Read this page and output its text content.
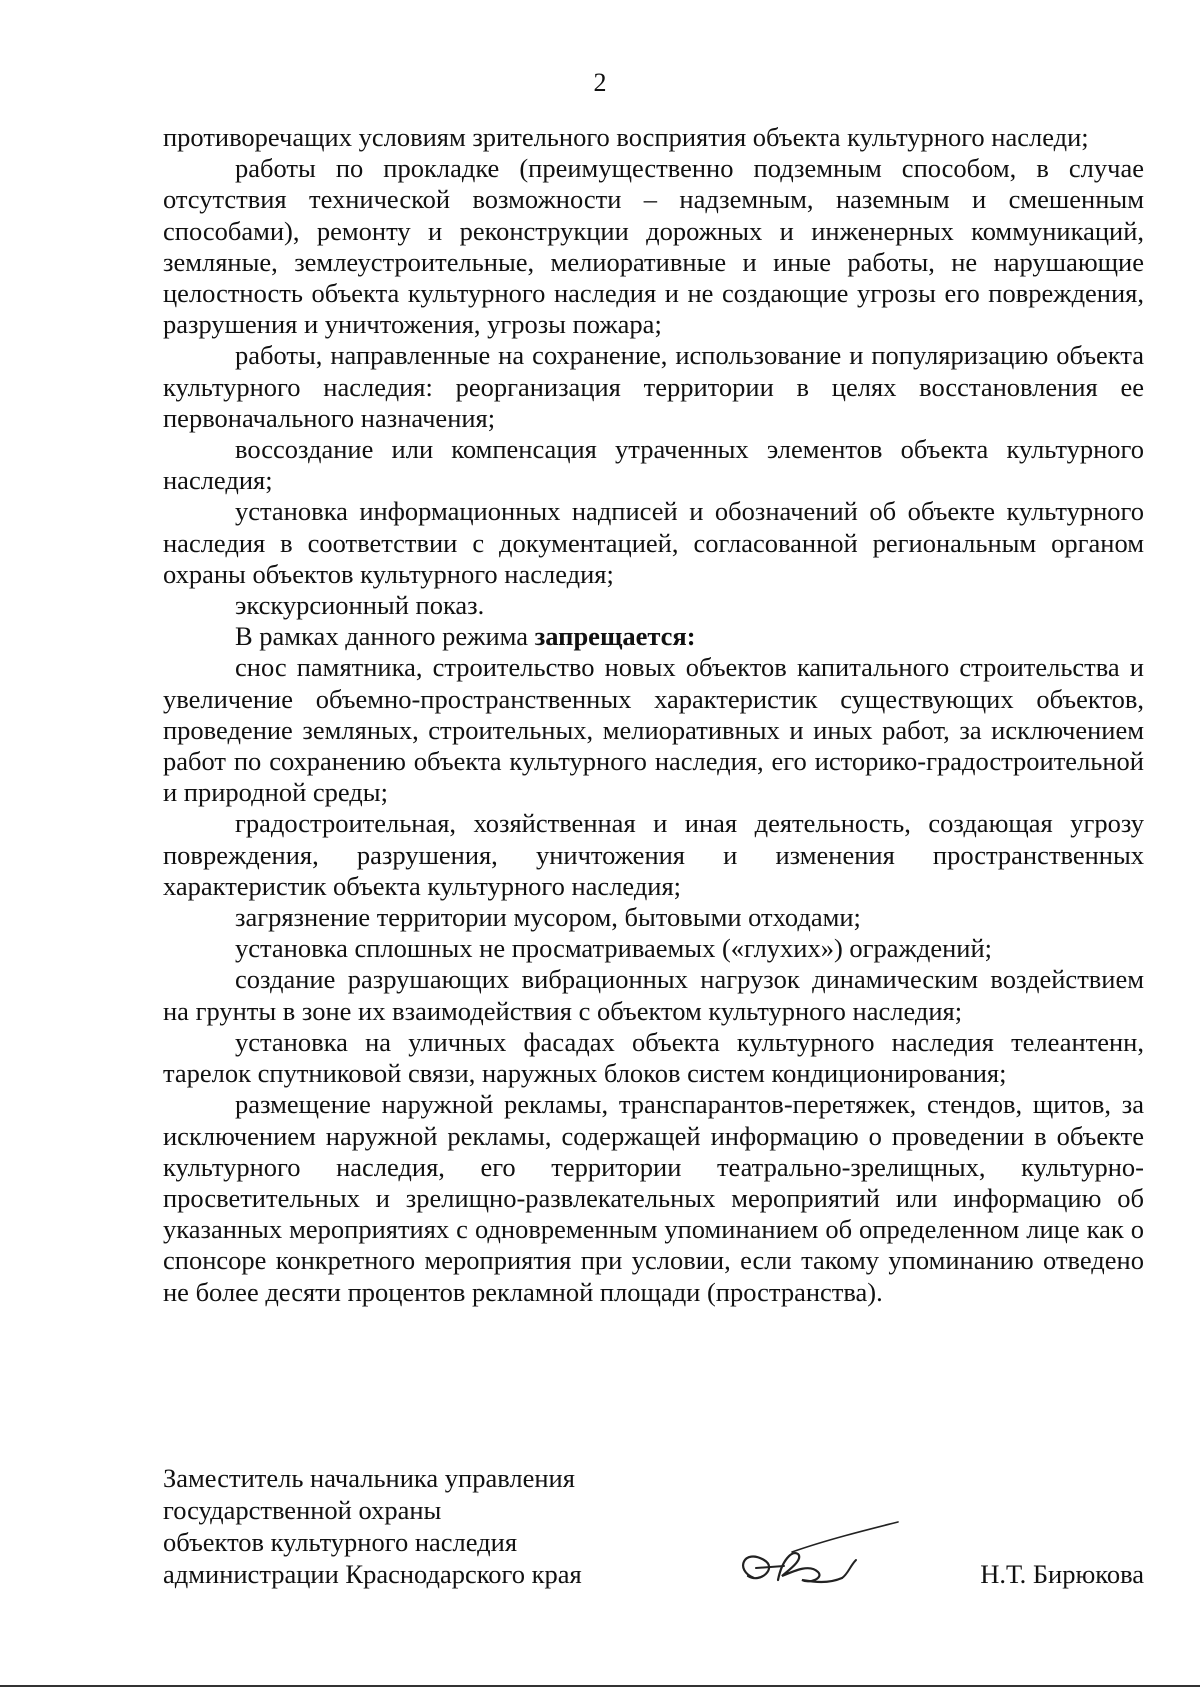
2

противоречащих условиям зрительного восприятия объекта культурного наследи;

работы по прокладке (преимущественно подземным способом, в случае отсутствия технической возможности – надземным, наземным и смешенным способами), ремонту и реконструкции дорожных и инженерных коммуникаций, земляные, землеустроительные, мелиоративные и иные работы, не нарушающие целостность объекта культурного наследия и не создающие угрозы его повреждения, разрушения и уничтожения, угрозы пожара;

работы, направленные на сохранение, использование и популяризацию объекта культурного наследия: реорганизация территории в целях восстановления ее первоначального назначения;

воссоздание или компенсация утраченных элементов объекта культурного наследия;

установка информационных надписей и обозначений об объекте культурного наследия в соответствии с документацией, согласованной региональным органом охраны объектов культурного наследия;

экскурсионный показ.

В рамках данного режима запрещается:

снос памятника, строительство новых объектов капитального строительства и увеличение объемно-пространственных характеристик существующих объектов, проведение земляных, строительных, мелиоративных и иных работ, за исключением работ по сохранению объекта культурного наследия, его историко-градостроительной и природной среды;

градостроительная, хозяйственная и иная деятельность, создающая угрозу повреждения, разрушения, уничтожения и изменения пространственных характеристик объекта культурного наследия;

загрязнение территории мусором, бытовыми отходами;

установка сплошных не просматриваемых («глухих») ограждений;

создание разрушающих вибрационных нагрузок динамическим воздействием на грунты в зоне их взаимодействия с объектом культурного наследия;

установка на уличных фасадах объекта культурного наследия телеантенн, тарелок спутниковой связи, наружных блоков систем кондиционирования;

размещение наружной рекламы, транспарантов-перетяжек, стендов, щитов, за исключением наружной рекламы, содержащей информацию о проведении в объекте культурного наследия, его территории театрально-зрелищных, культурно-просветительных и зрелищно-развлекательных мероприятий или информацию об указанных мероприятиях с одновременным упоминанием об определенном лице как о спонсоре конкретного мероприятия при условии, если такому упоминанию отведено не более десяти процентов рекламной площади (пространства).

Заместитель начальника управления
государственной охраны
объектов культурного наследия
администрации Краснодарского края	Н.Т. Бирюкова
